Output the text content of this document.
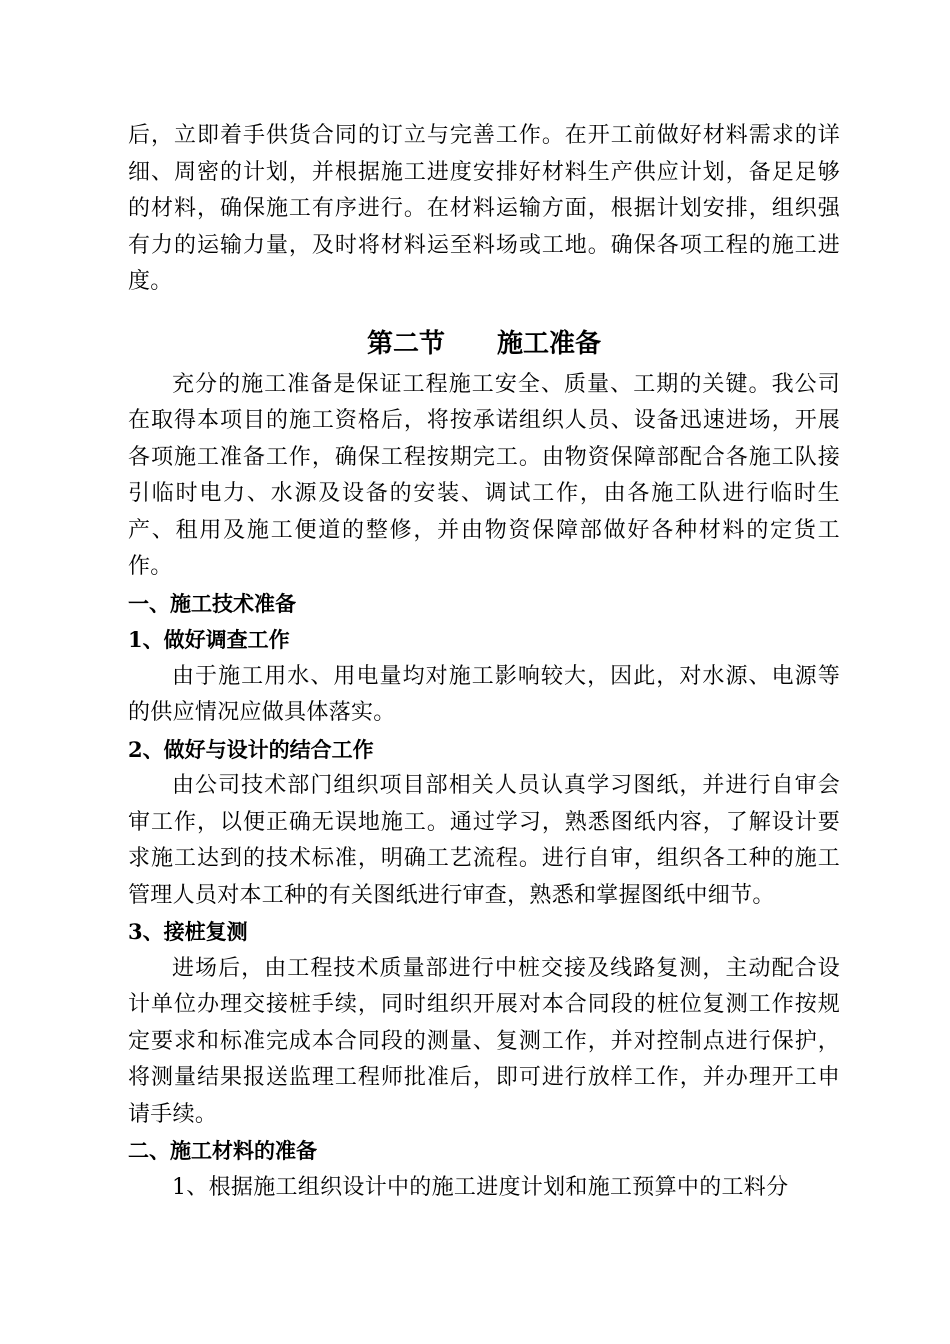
后，立即着手供货合同的订立与完善工作。在开工前做好材料需求的详细、周密的计划，并根据施工进度安排好材料生产供应计划，备足足够的材料，确保施工有序进行。在材料运输方面，根据计划安排，组织强有力的运输力量，及时将材料运至料场或工地。确保各项工程的施工进度。

第二节 施工准备

充分的施工准备是保证工程施工安全、质量、工期的关键。我公司在取得本项目的施工资格后，将按承诺组织人员、设备迅速进场，开展各项施工准备工作，确保工程按期完工。由物资保障部配合各施工队接引临时电力、水源及设备的安装、调试工作，由各施工队进行临时生产、租用及施工便道的整修，并由物资保障部做好各种材料的定货工作。

一、施工技术准备

1、做好调查工作

由于施工用水、用电量均对施工影响较大，因此，对水源、电源等的供应情况应做具体落实。

2、做好与设计的结合工作

由公司技术部门组织项目部相关人员认真学习图纸，并进行自审会审工作，以便正确无误地施工。通过学习，熟悉图纸内容，了解设计要求施工达到的技术标准，明确工艺流程。进行自审，组织各工种的施工管理人员对本工种的有关图纸进行审查，熟悉和掌握图纸中细节。

3、接桩复测

进场后，由工程技术质量部进行中桩交接及线路复测，主动配合设计单位办理交接桩手续，同时组织开展对本合同段的桩位复测工作按规定要求和标准完成本合同段的测量、复测工作，并对控制点进行保护，将测量结果报送监理工程师批准后，即可进行放样工作，并办理开工申请手续。

二、施工材料的准备

1、根据施工组织设计中的施工进度计划和施工预算中的工料分
